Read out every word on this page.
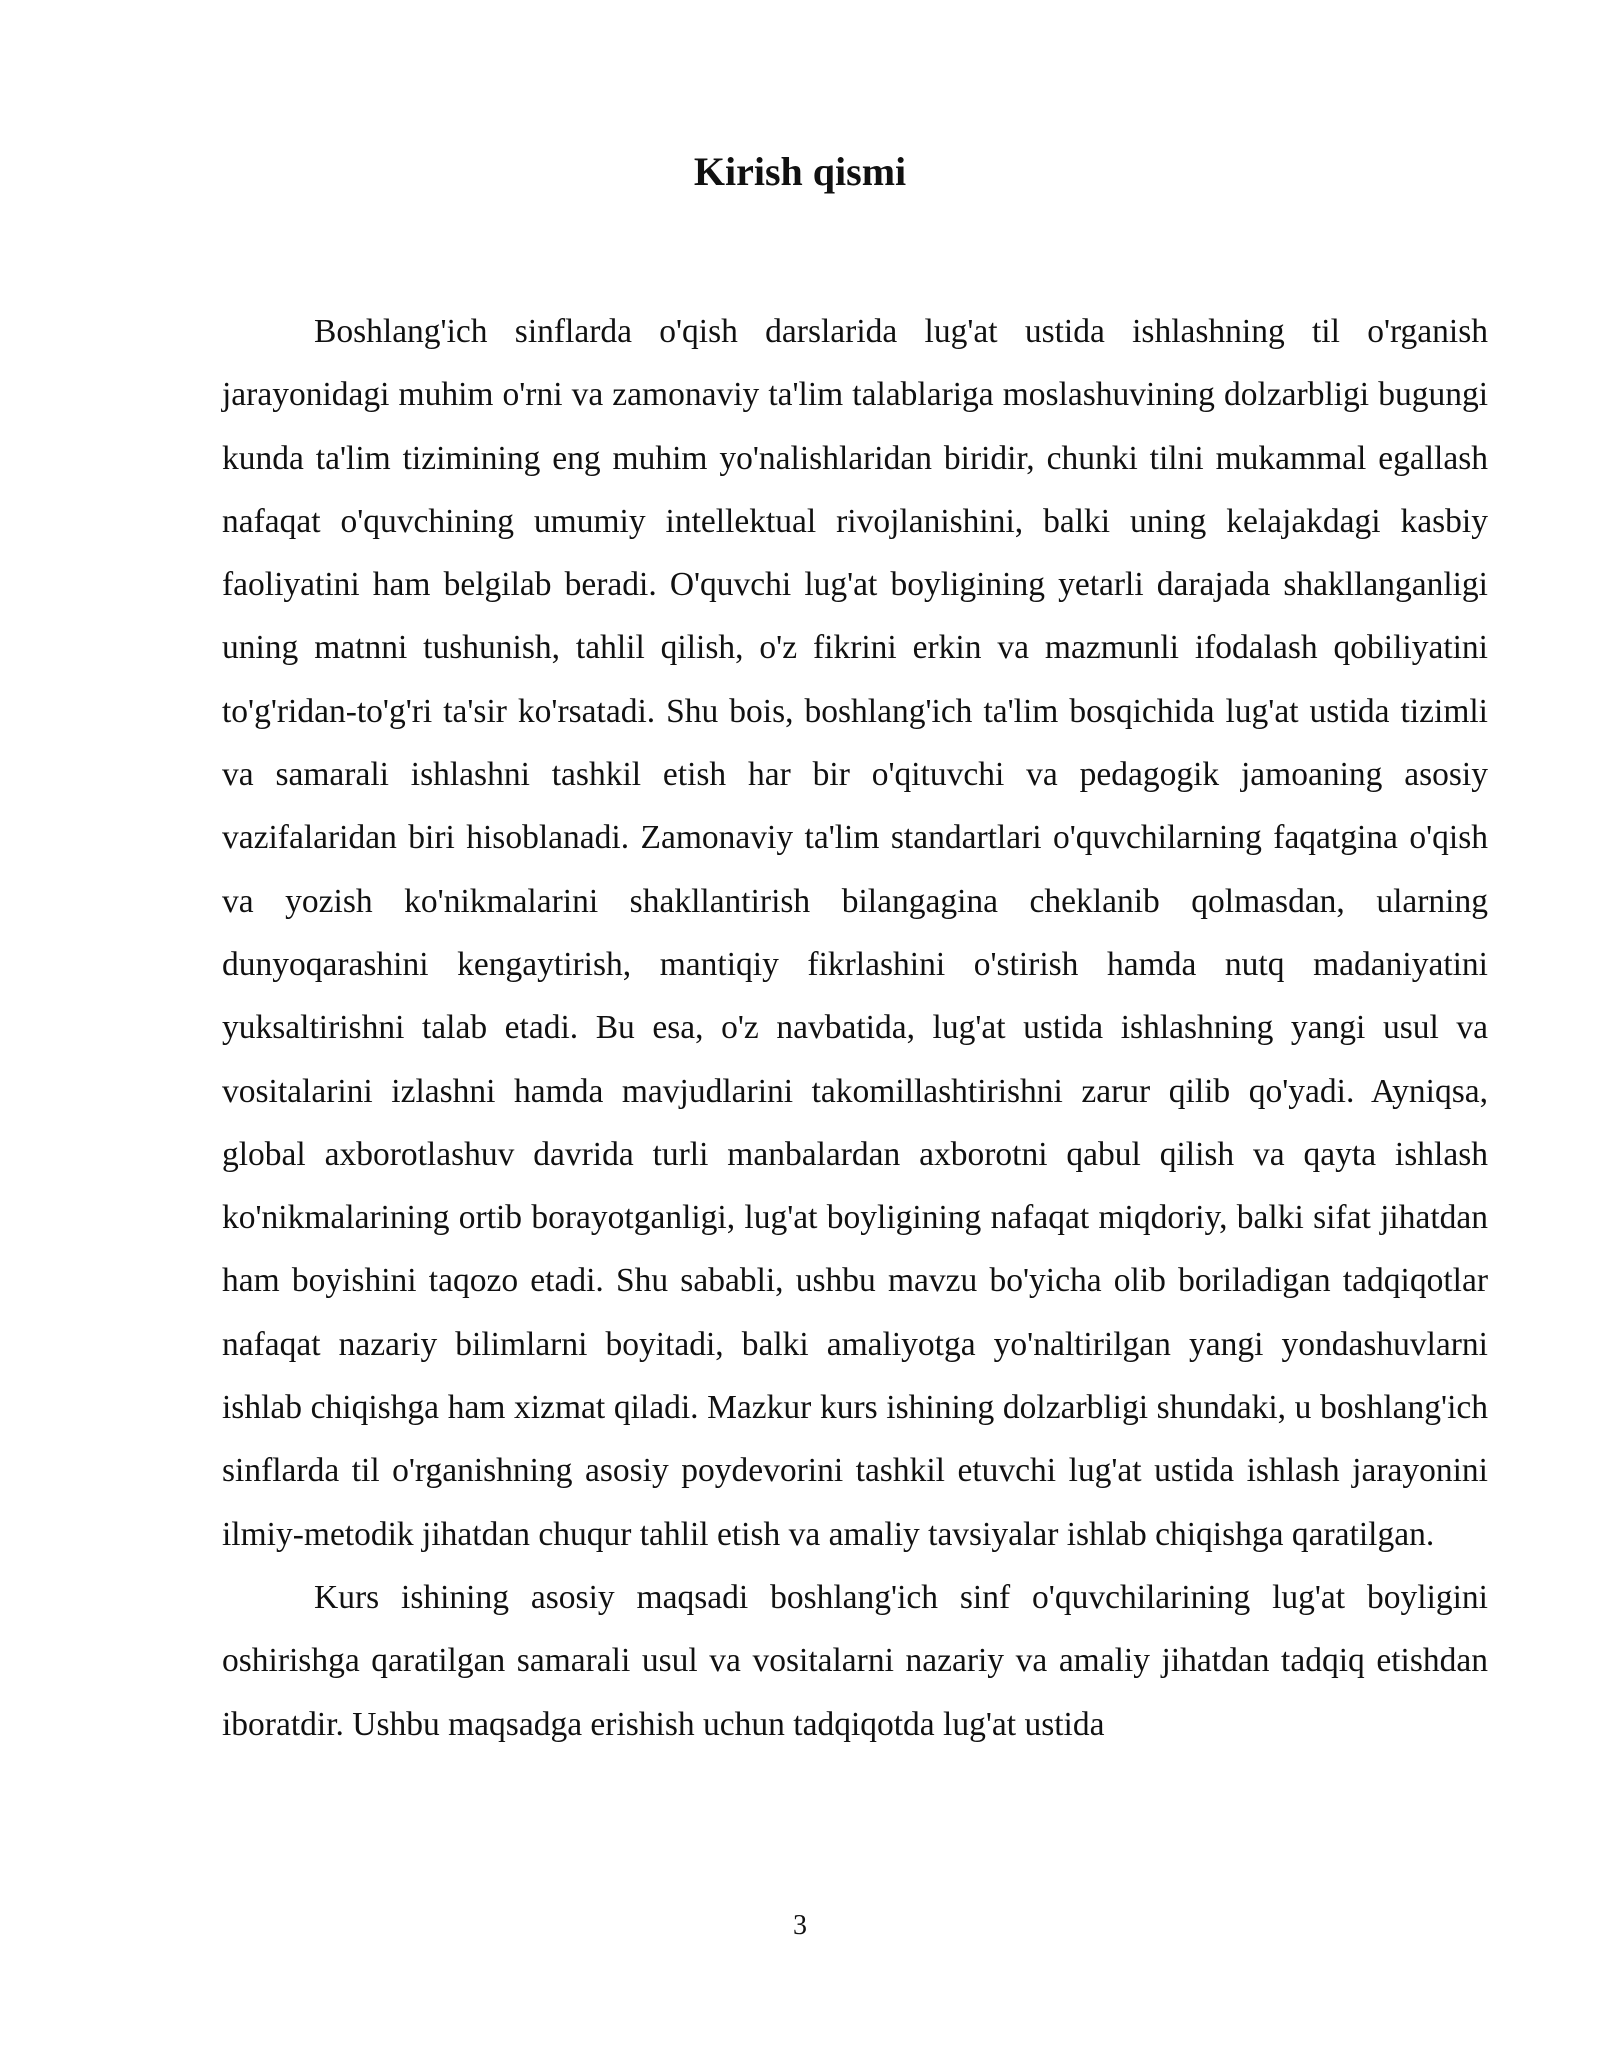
Kirish qismi

Boshlang'ich sinflarda o'qish darslarida lug'at ustida ishlashning til o'rganish jarayonidagi muhim o'rni va zamonaviy ta'lim talablariga moslashuvining dolzarbligi bugungi kunda ta'lim tizimining eng muhim yo'nalishlaridan biridir, chunki tilni mukammal egallash nafaqat o'quvchining umumiy intellektual rivojlanishini, balki uning kelajakdagi kasbiy faoliyatini ham belgilab beradi. O'quvchi lug'at boyligining yetarli darajada shakllanganligi uning matnni tushunish, tahlil qilish, o'z fikrini erkin va mazmunli ifodalash qobiliyatini to'g'ridan-to'g'ri ta'sir ko'rsatadi. Shu bois, boshlang'ich ta'lim bosqichida lug'at ustida tizimli va samarali ishlashni tashkil etish har bir o'qituvchi va pedagogik jamoaning asosiy vazifalaridan biri hisoblanadi. Zamonaviy ta'lim standartlari o'quvchilarning faqatgina o'qish va yozish ko'nikmalarini shakllantirish bilangagina cheklanib qolmasdan, ularning dunyoqarashini kengaytirish, mantiqiy fikrlashini o'stirish hamda nutq madaniyatini yuksaltirishni talab etadi. Bu esa, o'z navbatida, lug'at ustida ishlashning yangi usul va vositalarini izlashni hamda mavjudlarini takomillashtirishni zarur qilib qo'yadi. Ayniqsa, global axborotlashuv davrida turli manbalardan axborotni qabul qilish va qayta ishlash ko'nikmalarining ortib borayotganligi, lug'at boyligining nafaqat miqdoriy, balki sifat jihatdan ham boyishini taqozo etadi. Shu sababli, ushbu mavzu bo'yicha olib boriladigan tadqiqotlar nafaqat nazariy bilimlarni boyitadi, balki amaliyotga yo'naltirilgan yangi yondashuvlarni ishlab chiqishga ham xizmat qiladi. Mazkur kurs ishining dolzarbligi shundaki, u boshlang'ich sinflarda til o'rganishning asosiy poydevorini tashkil etuvchi lug'at ustida ishlash jarayonini ilmiy-metodik jihatdan chuqur tahlil etish va amaliy tavsiyalar ishlab chiqishga qaratilgan.

Kurs ishining asosiy maqsadi boshlang'ich sinf o'quvchilarining lug'at boyligini oshirishga qaratilgan samarali usul va vositalarni nazariy va amaliy jihatdan tadqiq etishdan iboratdir. Ushbu maqsadga erishish uchun tadqiqotda lug'at ustida

3
